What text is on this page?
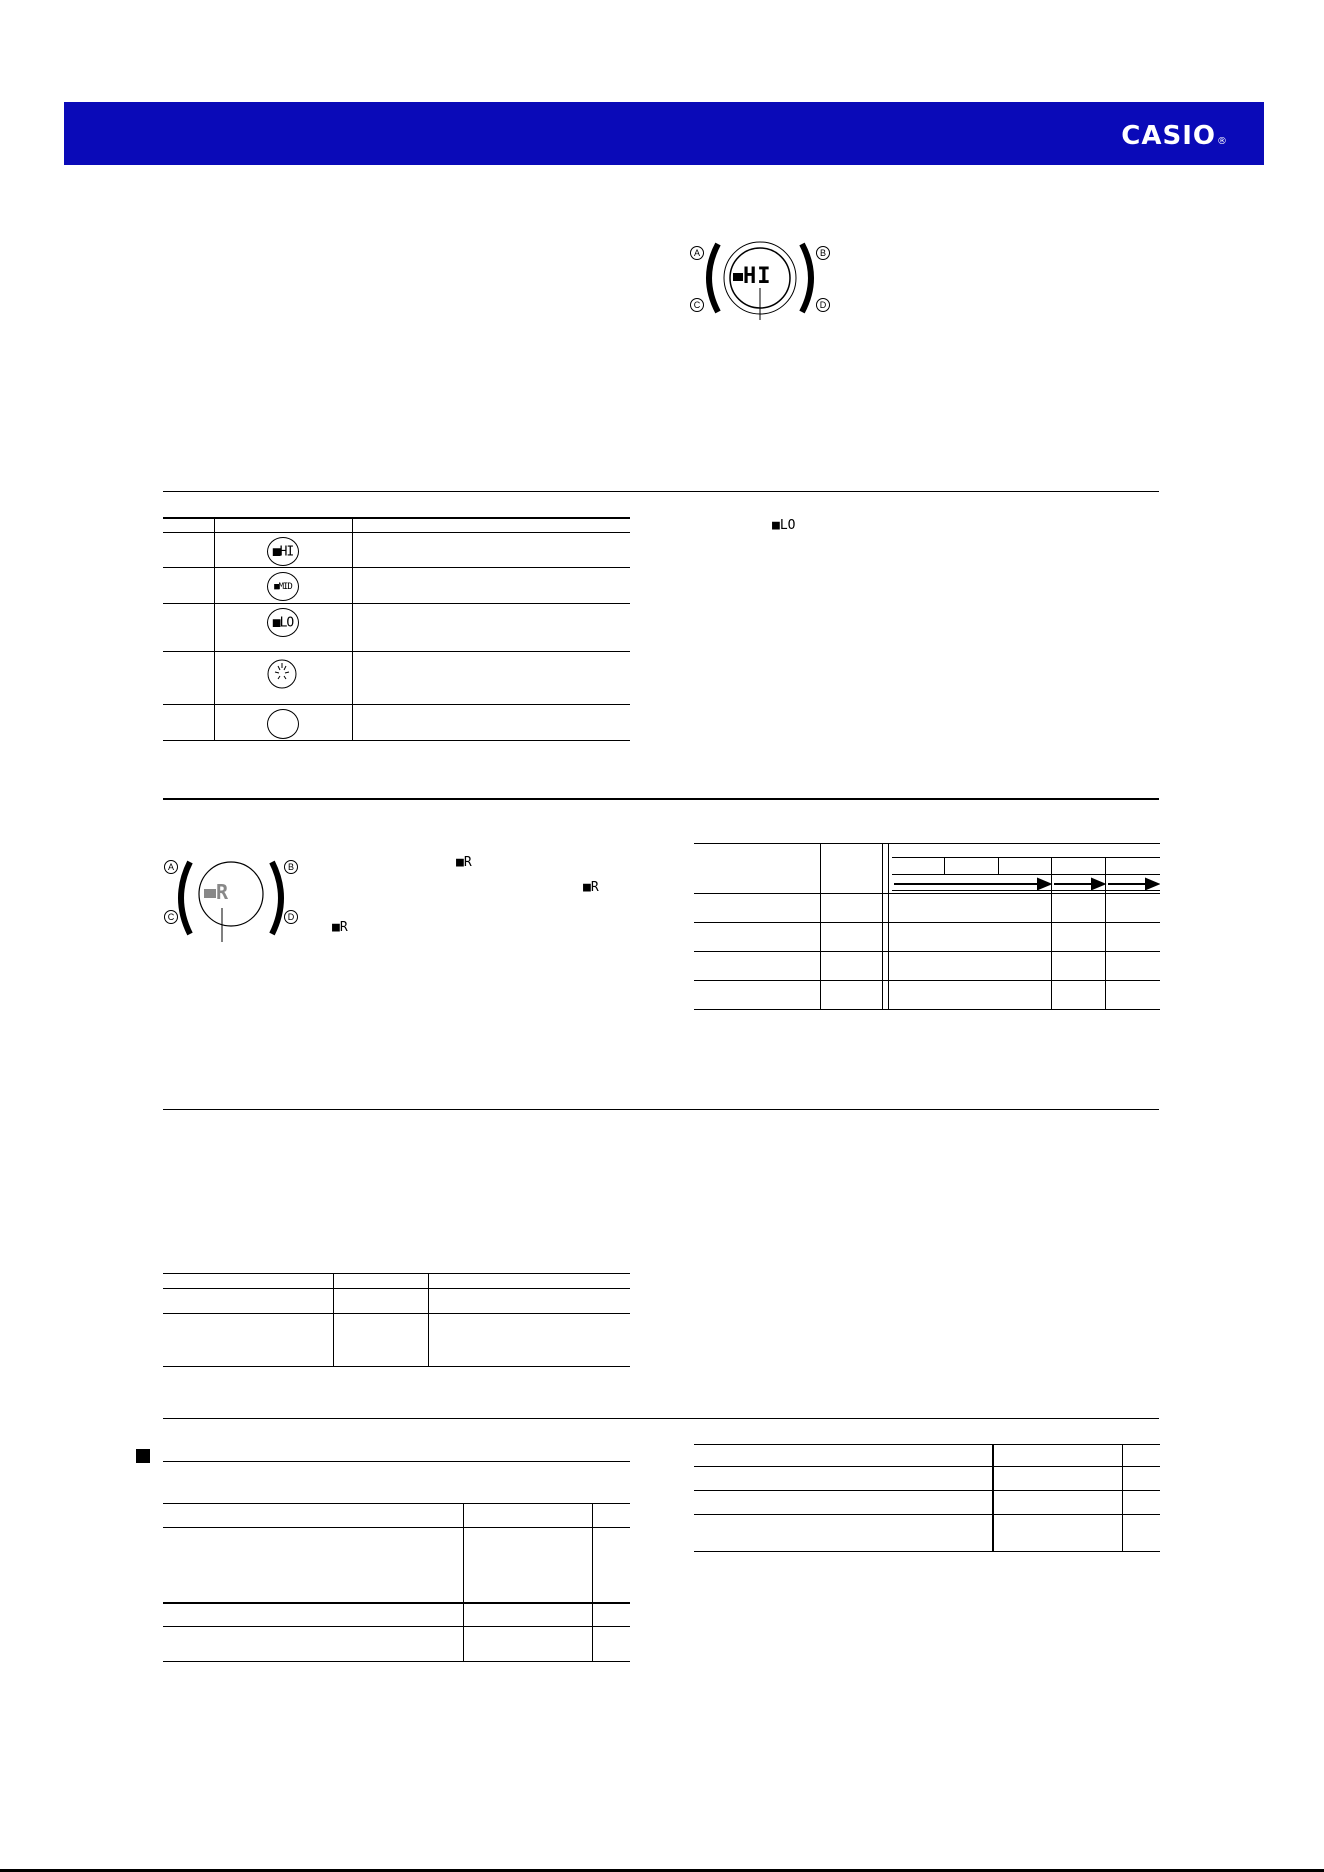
CASIO®
A	B
C	D
HI
■HI
■MID
■LO
■LO
A	B
C	D
R
■R
■R
■R
